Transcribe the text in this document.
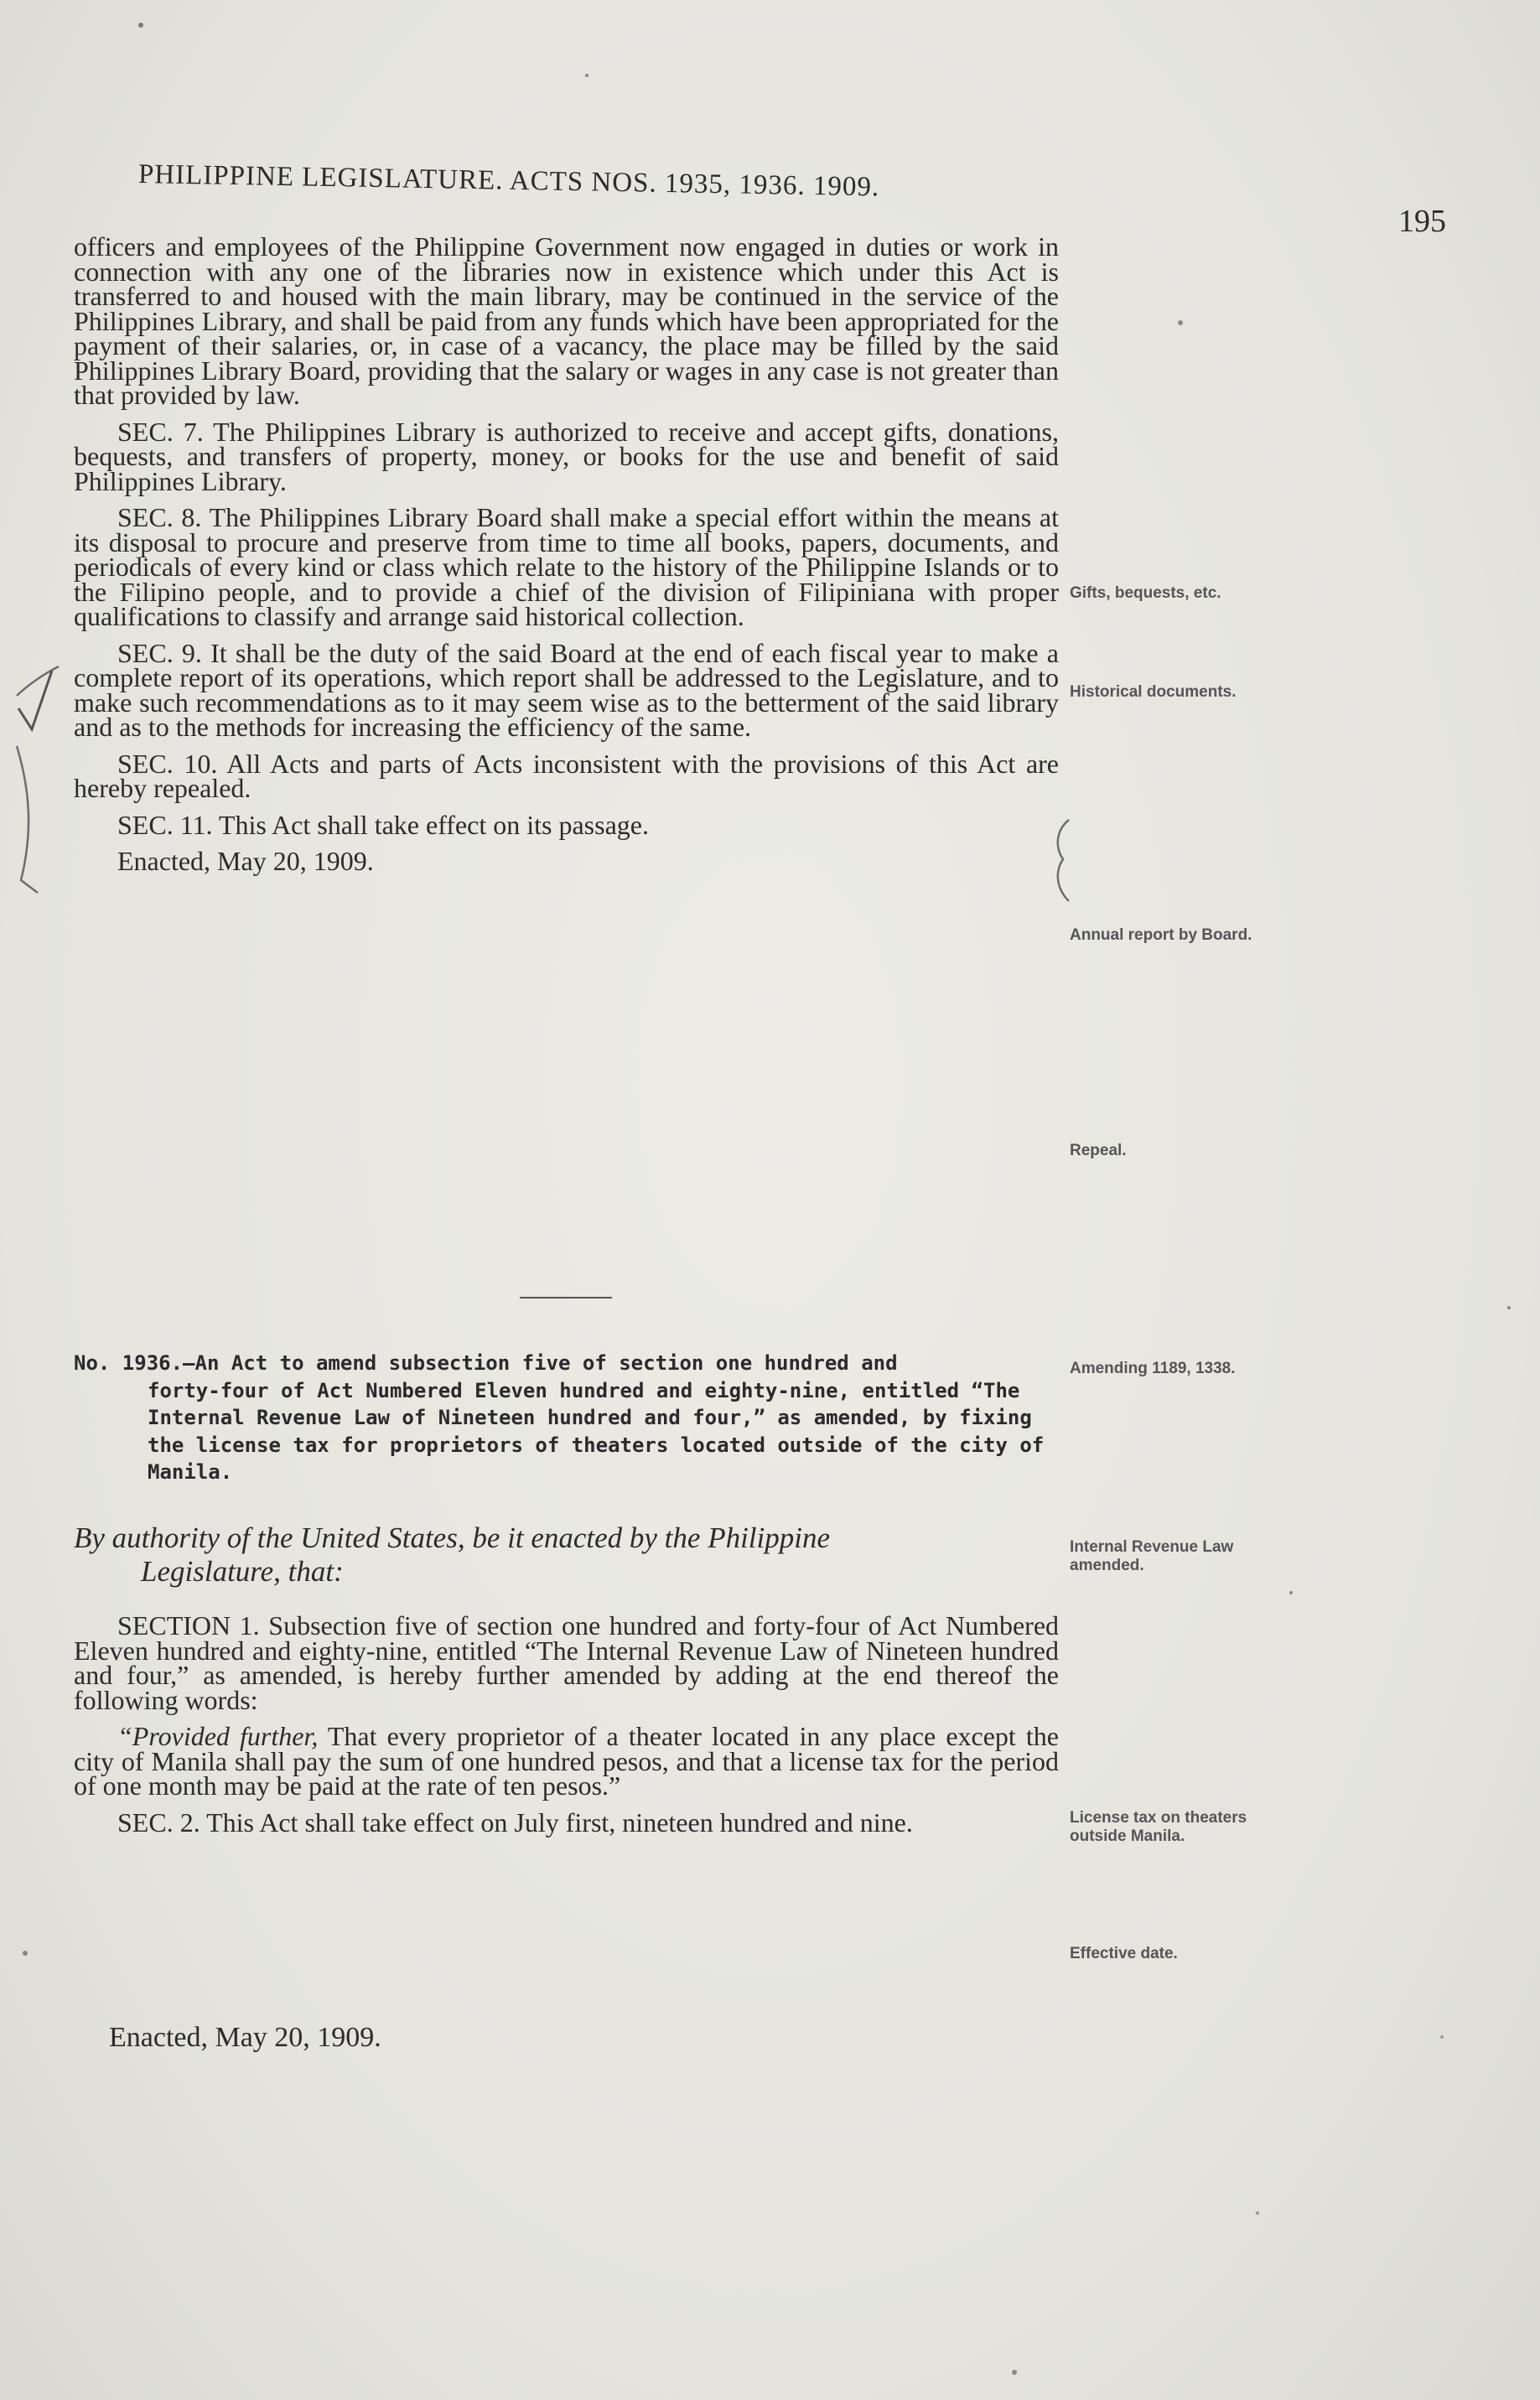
PHILIPPINE LEGISLATURE. ACTS NOS. 1935, 1936. 1909.
195

officers and employees of the Philippine Government now engaged in duties or work in connection with any one of the libraries now in existence which under this Act is transferred to and housed with the main library, may be continued in the service of the Philippines Library, and shall be paid from any funds which have been appropriated for the payment of their salaries, or, in case of a vacancy, the place may be filled by the said Philippines Library Board, providing that the salary or wages in any case is not greater than that provided by law.

SEC. 7. The Philippines Library is authorized to receive and accept gifts, donations, bequests, and transfers of property, money, or books for the use and benefit of said Philippines Library.

SEC. 8. The Philippines Library Board shall make a special effort within the means at its disposal to procure and preserve from time to time all books, papers, documents, and periodicals of every kind or class which relate to the history of the Philippine Islands or to the Filipino people, and to provide a chief of the division of Filipiniana with proper qualifications to classify and arrange said historical collection.

SEC. 9. It shall be the duty of the said Board at the end of each fiscal year to make a complete report of its operations, which report shall be addressed to the Legislature, and to make such recommendations as to it may seem wise as to the betterment of the said library and as to the methods for increasing the efficiency of the same.

SEC. 10. All Acts and parts of Acts inconsistent with the provisions of this Act are hereby repealed.

SEC. 11. This Act shall take effect on its passage.

Enacted, May 20, 1909.

Gifts, bequests, etc.
Historical documents.
Annual report by Board.
Repeal.
No. 1936.—An Act to amend subsection five of section one hundred and
forty-four of Act Numbered Eleven hundred and eighty-nine, entitled “The Internal Revenue Law of Nineteen hundred and four,” as amended, by fixing the license tax for proprietors of theaters located outside of the city of Manila.
Amending 1189, 1338.
By authority of the United States, be it enacted by the Philippine
Legislature, that:
Internal Revenue Law amended.

SECTION 1. Subsection five of section one hundred and forty-four of Act Numbered Eleven hundred and eighty-nine, entitled “The Internal Revenue Law of Nineteen hundred and four,” as amended, is hereby further amended by adding at the end thereof the following words:

“Provided further, That every proprietor of a theater located in any place except the city of Manila shall pay the sum of one hundred pesos, and that a license tax for the period of one month may be paid at the rate of ten pesos.”

SEC. 2. This Act shall take effect on July first, nineteen hundred and nine.	License tax on theaters outside Manila.
Effective date.
Enacted, May 20, 1909.
